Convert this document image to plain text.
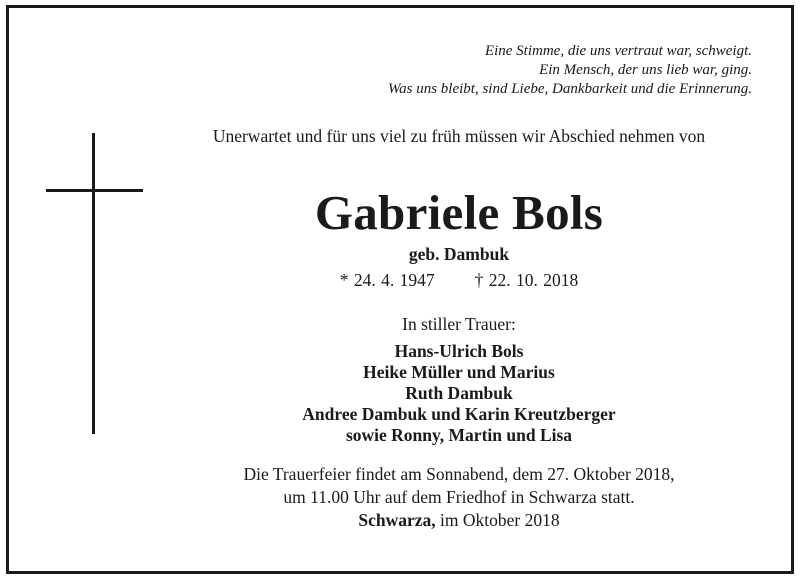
Eine Stimme, die uns vertraut war, schweigt.
Ein Mensch, der uns lieb war, ging.
Was uns bleibt, sind Liebe, Dankbarkeit und die Erinnerung.
Unerwartet und für uns viel zu früh müssen wir Abschied nehmen von
Gabriele Bols
geb. Dambuk
* 24. 4. 1947 † 22. 10. 2018
In stiller Trauer:
Hans-Ulrich Bols
Heike Müller und Marius
Ruth Dambuk
Andree Dambuk und Karin Kreutzberger
sowie Ronny, Martin und Lisa
Die Trauerfeier findet am Sonnabend, dem 27. Oktober 2018,
um 11.00 Uhr auf dem Friedhof in Schwarza statt.
Schwarza, im Oktober 2018
